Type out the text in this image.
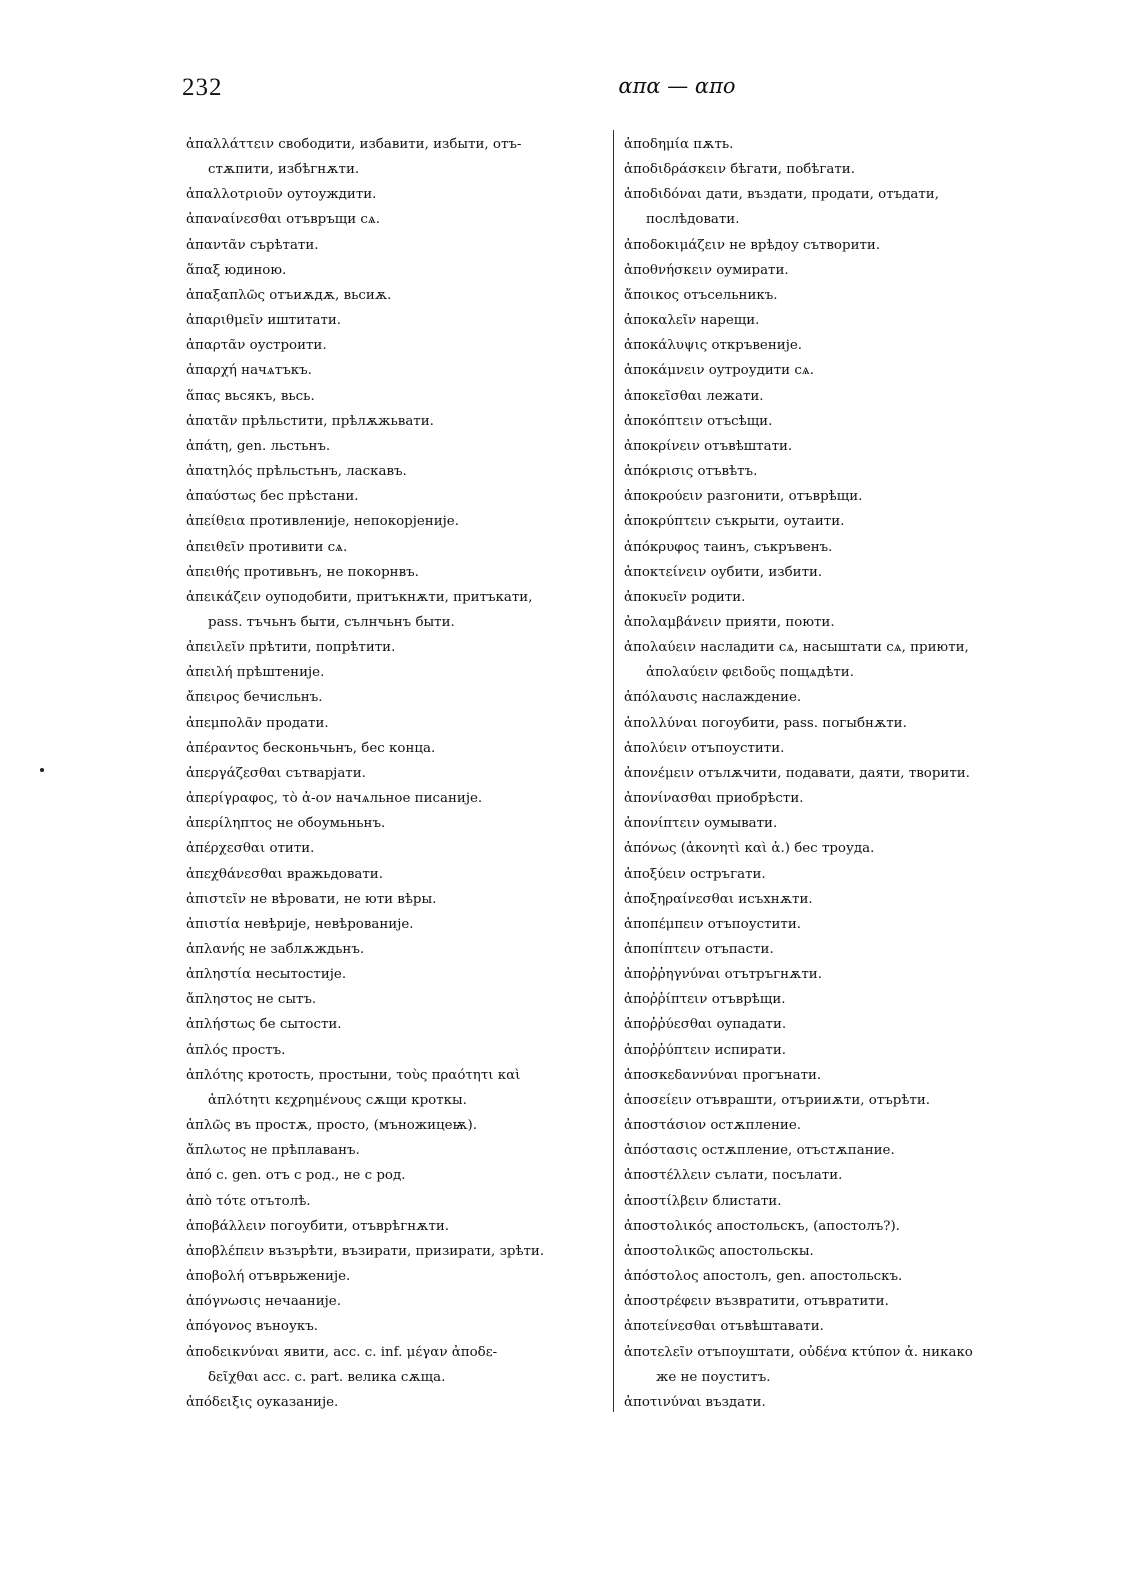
232	απα — απο
ἀπαλλάττειν свободити, избавити, избыти, отъ-
стѫпити, избѣгнѫти.
ἀπαλλοτριοῦν оутоуждити.
ἀπαναίνεσθαι отъвръщи сѧ.
ἀπαντᾶν сърѣтати.
ἅπαξ юдиною.
ἁπαξαπλῶς отъиѫдѫ, вьсиѫ.
ἀπαριθμεῖν иштитати.
ἀπαρτᾶν оустроити.
ἀπαρχή начѧтъкъ.
ἅπας вьсякъ, вьсь.
ἀπατᾶν прѣльстити, прѣлѫжьвати.
ἀπάτη, gen. льстьнъ.
ἀπατηλός прѣльстьнъ, ласкавъ.
ἀπαύστως бес прѣстани.
ἀπείθεια противленије, непокорјеније.
ἀπειθεῖν противити сѧ.
ἀπειθής противьнъ, не покорнвъ.
ἀπεικάζειν оуподобити, притъкнѫти, притъкати,
pass. тъчьнъ быти, сълнчьнъ быти.
ἀπειλεῖν прѣтити, попрѣтити.
ἀπειλή прѣштеније.
ἄπειρος бечисльнъ.
ἀπεμπολᾶν продати.
ἀπέραντος бесконьчьнъ, бес конца.
ἀπεργάζεσθαι сътварјати.
ἀπερίγραφος, τὸ ἀ-ον начѧльное писаније.
ἀπερίληπτος не обоумьньнъ.
ἀπέρχεσθαι отити.
ἀπεχθάνεσθαι вражьдовати.
ἀπιστεῖν не вѣровати, не юти вѣры.
ἀπιστία невѣрије, невѣрованије.
ἀπλανής не заблѫждьнъ.
ἀπληστία несытостије.
ἄπληστος не сытъ.
ἀπλήστως бе сытости.
ἁπλός простъ.
ἁπλότης кротость, простыни, τοὺς πραότητι καὶ
ἁπλότητι κεχρημένους сѫщи кроткы.
ἁπλῶς въ простѫ, просто, (мъножицеѭ).
ἄπλωτος не прѣплаванъ.
ἀπό c. gen. отъ с род., не с род.
ἀπὸ τότε отътолѣ.
ἀποβάλλειν погоубити, отъврѣгнѫти.
ἀποβλέπειν възърѣти, възирати, призирати, зрѣти.
ἀποβολή отъврьженије.
ἀπόγνωσις нечаанијe.
ἀπόγονος въноукъ.
ἀποδεικνύναι явити, acc. c. inf. μέγαν ἀποδε-
δεῖχθαι acc. c. part. велика сѫща.
ἀπόδειξις оуказаније.
ἀποδημία пѫть.
ἀποδιδράσκειν бѣгати, побѣгати.
ἀποδιδόναι дати, въздати, продати, отъдати,
послѣдовати.
ἀποδοκιμάζειν не врѣдоу сътворити.
ἀποθνήσκειν оумирати.
ἄποικος отъсельникъ.
ἀποκαλεῖν нарещи.
ἀποκάλυψις откръвеније.
ἀποκάμνειν оутроудити сѧ.
ἀποκεῖσθαι лежати.
ἀποκόπτειν отъсѣщи.
ἀποκρίνειν отъвѣштати.
ἀπόκρισις отъвѣтъ.
ἀποκρούειν разгонити, отъврѣщи.
ἀποκρύπτειν съкрыти, оутаити.
ἀπόκρυφος таинъ, съкръвенъ.
ἀποκτείνειν оубити, избити.
ἀποκυεῖν родити.
ἀπολαμβάνειν прияти, поюти.
ἀπολαύειν насладити сѧ, насыштати сѧ, приюти,
ἀπολαύειν φειδοῦς пощѧдѣти.
ἀπόλαυσις наслаждение.
ἀπολλύναι погоубити, pass. погыбнѫти.
ἀπολύειν отъпоустити.
ἀπονέμειν отълѫчити, подавати, даяти, творити.
ἀπονίνασθαι приобрѣсти.
ἀπονίπτειν оумывати.
ἀπόνως (ἀκονητὶ καὶ ἀ.) бес троуда.
ἀποξύειν остръгати.
ἀποξηραίνεσθαι исъхнѫти.
ἀποπέμπειν отъпоустити.
ἀποπίπτειν отъпасти.
ἀποῤῥηγνύναι отътръгнѫти.
ἀποῤῥίπτειν отъврѣщи.
ἀποῤῥύεσθαι оупадати.
ἀποῤῥύπτειν испирати.
ἀποσκεδαννύναι прогънати.
ἀποσείειν отъврашти, отърииѫти, отърѣти.
ἀποστάσιον остѫпление.
ἀπόστασις остѫпление, отъстѫпание.
ἀποστέλλειν сълати, посълати.
ἀποστίλβειν блистати.
ἀποστολικός апостольскъ, (апостолъ?).
ἀποστολικῶς апостольскы.
ἀπόστολος апостолъ, gen. апостольскъ.
ἀποστρέφειν възвратити, отъвратити.
ἀποτείνεσθαι отъвѣштавати.
ἀποτελεῖν отъпоуштати, οὐδένα κτύπον ἀ. никако
же не поуститъ.
ἀποτινύναι въздати.
